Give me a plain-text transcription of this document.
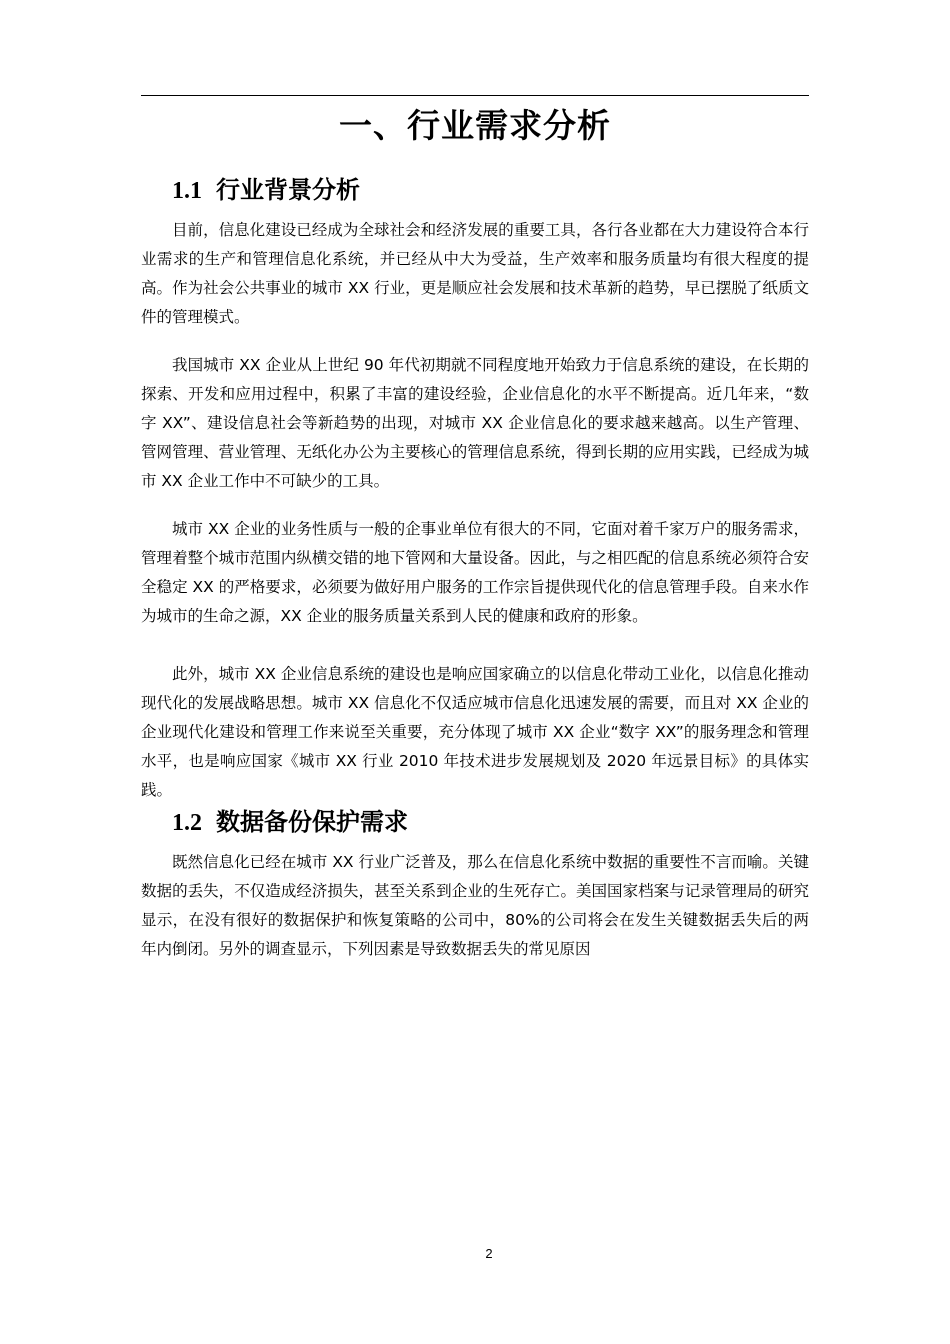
一、行业需求分析
1.1 行业背景分析

目前，信息化建设已经成为全球社会和经济发展的重要工具，各行各业都在大力建设符合本行业需求的生产和管理信息化系统，并已经从中大为受益，生产效率和服务质量均有很大程度的提高。作为社会公共事业的城市 XX 行业，更是顺应社会发展和技术革新的趋势，早已摆脱了纸质文件的管理模式。

我国城市 XX 企业从上世纪 90 年代初期就不同程度地开始致力于信息系统的建设，在长期的探索、开发和应用过程中，积累了丰富的建设经验，企业信息化的水平不断提高。近几年来，“数字 XX”、建设信息社会等新趋势的出现，对城市 XX 企业信息化的要求越来越高。以生产管理、管网管理、营业管理、无纸化办公为主要核心的管理信息系统，得到长期的应用实践，已经成为城市 XX 企业工作中不可缺少的工具。

城市 XX 企业的业务性质与一般的企事业单位有很大的不同，它面对着千家万户的服务需求，管理着整个城市范围内纵横交错的地下管网和大量设备。因此，与之相匹配的信息系统必须符合安全稳定 XX 的严格要求，必须要为做好用户服务的工作宗旨提供现代化的信息管理手段。自来水作为城市的生命之源，XX 企业的服务质量关系到人民的健康和政府的形象。

此外，城市 XX 企业信息系统的建设也是响应国家确立的以信息化带动工业化，以信息化推动现代化的发展战略思想。城市 XX 信息化不仅适应城市信息化迅速发展的需要，而且对 XX 企业的企业现代化建设和管理工作来说至关重要，充分体现了城市 XX 企业“数字 XX”的服务理念和管理水平，也是响应国家《城市 XX 行业 2010 年技术进步发展规划及 2020 年远景目标》的具体实践。

1.2 数据备份保护需求

既然信息化已经在城市 XX 行业广泛普及，那么在信息化系统中数据的重要性不言而喻。关键数据的丢失，不仅造成经济损失，甚至关系到企业的生死存亡。美国国家档案与记录管理局的研究显示，在没有很好的数据保护和恢复策略的公司中，80%的公司将会在发生关键数据丢失后的两年内倒闭。另外的调查显示，下列因素是导致数据丢失的常见原因

2
